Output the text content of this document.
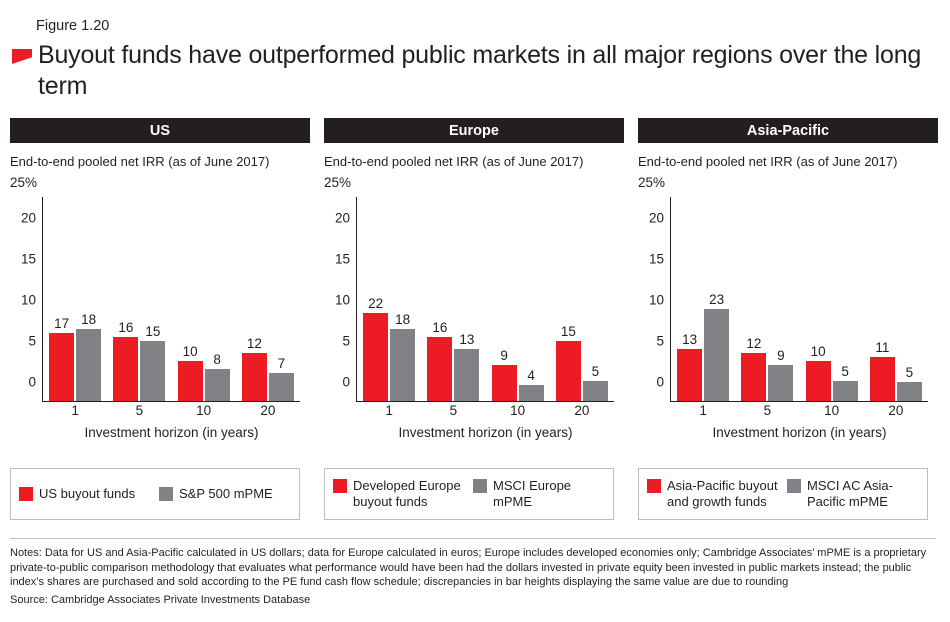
Figure 1.20
Buyout funds have outperformed public markets in all major regions over the long term
US
End-to-end pooled net IRR (as of June 2017)
25%
20
15
10
5
0
17 18
16 15
10
8
12
7
1	5	10	20
Investment horizon (in years)
US buyout funds	S&P 500 mPME
Europe
End-to-end pooled net IRR (as of June 2017)
25%
20
15
10
5
0
22
18
16
13
9
4
15
5
1	5	10	20
Investment horizon (in years)
Developed Europe buyout funds
MSCI Europe mPME
Asia-Pacific
End-to-end pooled net IRR (as of June 2017)
25%
20
15
10
5
0
13
23
12
9 10
5
11
5
1	5	10	20
Investment horizon (in years)
Asia-Pacific buyout and growth funds
MSCI AC Asia-Pacific mPME
Notes: Data for US and Asia-Pacific calculated in US dollars; data for Europe calculated in euros; Europe includes developed economies only; Cambridge Associates’ mPME is a proprietary private-to-public comparison methodology that evaluates what performance would have been had the dollars invested in private equity been invested in public markets instead; the public index’s shares are purchased and sold according to the PE fund cash flow schedule; discrepancies in bar heights displaying the same value are due to rounding
Source: Cambridge Associates Private Investments Database
